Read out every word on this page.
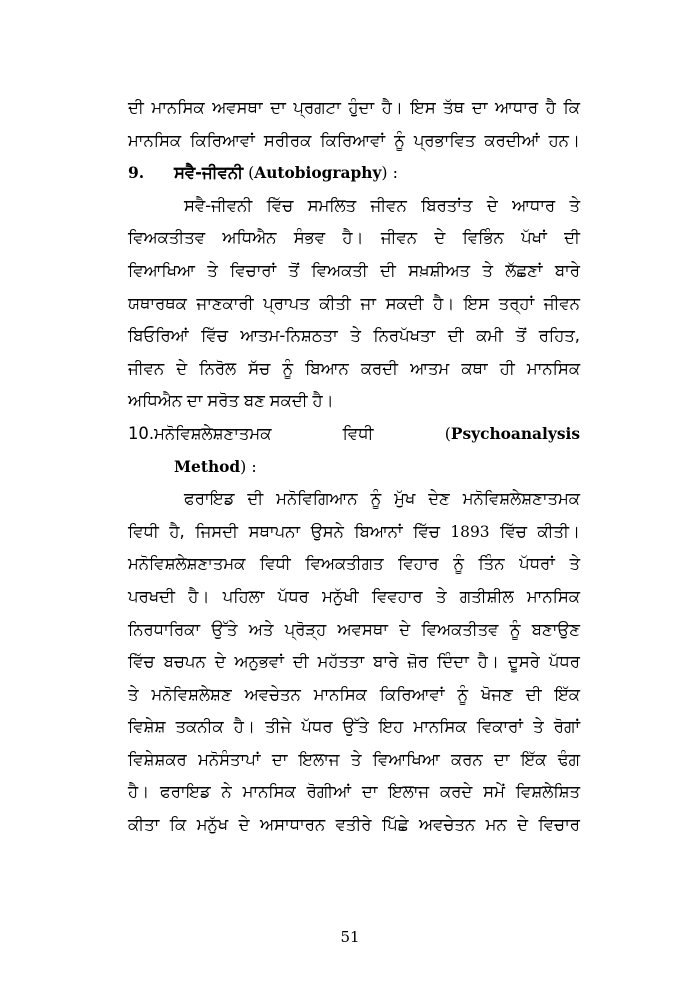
ਦੀ ਮਾਨਸਿਕ ਅਵਸਥਾ ਦਾ ਪ੍ਰਗਟਾ ਹੁੰਦਾ ਹੈ। ਇਸ ਤੱਥ ਦਾ ਆਧਾਰ ਹੈ ਕਿ
ਮਾਨਸਿਕ ਕਿਰਿਆਵਾਂ ਸਰੀਰਕ ਕਿਰਿਆਵਾਂ ਨੂੰ ਪ੍ਰਭਾਵਿਤ ਕਰਦੀਆਂ ਹਨ।
9.	ਸਵੈ-ਜੀਵਨੀ
( Autobiography )
:
ਸਵੈ-ਜੀਵਨੀ ਵਿੱਚ ਸਮਲਿਤ ਜੀਵਨ ਬਿਰਤਾਂਤ ਦੇ ਆਧਾਰ ਤੇ
ਵਿਅਕਤੀਤਵ ਅਧਿਐਨ ਸੰਭਵ ਹੈ। ਜੀਵਨ ਦੇ ਵਿਭਿੰਨ ਪੱਖਾਂ ਦੀ
ਵਿਆਖਿਆ ਤੇ ਵਿਚਾਰਾਂ ਤੋਂ ਵਿਅਕਤੀ ਦੀ ਸਖ਼ਸ਼ੀਅਤ ਤੇ ਲੱਛਣਾਂ ਬਾਰੇ
ਯਥਾਰਥਕ ਜਾਣਕਾਰੀ ਪ੍ਰਾਪਤ ਕੀਤੀ ਜਾ ਸਕਦੀ ਹੈ। ਇਸ ਤਰ੍ਹਾਂ ਜੀਵਨ
ਬਿਓਰਿਆਂ ਵਿੱਚ ਆਤਮ-ਨਿਸ਼ਠਤਾ ਤੇ ਨਿਰਪੱਖਤਾ ਦੀ ਕਮੀ ਤੋਂ ਰਹਿਤ,
ਜੀਵਨ ਦੇ ਨਿਰੋਲ ਸੱਚ ਨੂੰ ਬਿਆਨ ਕਰਦੀ ਆਤਮ ਕਥਾ ਹੀ ਮਾਨਸਿਕ
ਅਧਿਐਨ ਦਾ ਸਰੋਤ ਬਣ ਸਕਦੀ ਹੈ।
10. ਮਨੋਵਿਸ਼ਲੇਸ਼ਣਾਤਮਕ	ਵਿਧੀ	(Psychoanalysis
Method) :
ਫਰਾਇਡ ਦੀ ਮਨੋਵਿਗਿਆਨ ਨੂੰ ਮੁੱਖ ਦੇਣ ਮਨੋਵਿਸ਼ਲੇਸ਼ਣਾਤਮਕ
ਵਿਧੀ ਹੈ, ਜਿਸਦੀ ਸਥਾਪਨਾ ਉਸਨੇ ਬਿਆਨਾਂ ਵਿੱਚ 1893 ਵਿੱਚ ਕੀਤੀ।
ਮਨੋਵਿਸ਼ਲੇਸ਼ਣਾਤਮਕ ਵਿਧੀ ਵਿਅਕਤੀਗਤ ਵਿਹਾਰ ਨੂੰ ਤਿੰਨ ਪੱਧਰਾਂ ਤੇ
ਪਰਖਦੀ ਹੈ। ਪਹਿਲਾ ਪੱਧਰ ਮਨੁੱਖੀ ਵਿਵਹਾਰ ਤੇ ਗਤੀਸ਼ੀਲ ਮਾਨਸਿਕ
ਨਿਰਧਾਰਿਕਾ ਉੱਤੇ ਅਤੇ ਪ੍ਰੋੜ੍ਹ ਅਵਸਥਾ ਦੇ ਵਿਅਕਤੀਤਵ ਨੂੰ ਬਣਾਉਣ
ਵਿੱਚ ਬਚਪਨ ਦੇ ਅਨੁਭਵਾਂ ਦੀ ਮਹੱਤਤਾ ਬਾਰੇ ਜ਼ੋਰ ਦਿੰਦਾ ਹੈ। ਦੂਸਰੇ ਪੱਧਰ
ਤੇ ਮਨੋਵਿਸ਼ਲੇਸ਼ਣ ਅਵਚੇਤਨ ਮਾਨਸਿਕ ਕਿਰਿਆਵਾਂ ਨੂੰ ਖੋਜਣ ਦੀ ਇੱਕ
ਵਿਸ਼ੇਸ਼ ਤਕਨੀਕ ਹੈ। ਤੀਜੇ ਪੱਧਰ ਉੱਤੇ ਇਹ ਮਾਨਸਿਕ ਵਿਕਾਰਾਂ ਤੇ ਰੋਗਾਂ
ਵਿਸ਼ੇਸ਼ਕਰ ਮਨੋਸੰਤਾਪਾਂ ਦਾ ਇਲਾਜ ਤੇ ਵਿਆਖਿਆ ਕਰਨ ਦਾ ਇੱਕ ਢੰਗ
ਹੈ। ਫਰਾਇਡ ਨੇ ਮਾਨਸਿਕ ਰੋਗੀਆਂ ਦਾ ਇਲਾਜ ਕਰਦੇ ਸਮੇਂ ਵਿਸ਼ਲੇਸ਼ਿਤ
ਕੀਤਾ ਕਿ ਮਨੁੱਖ ਦੇ ਅਸਾਧਾਰਨ ਵਤੀਰੇ ਪਿੱਛੇ ਅਵਚੇਤਨ ਮਨ ਦੇ ਵਿਚਾਰ
51
